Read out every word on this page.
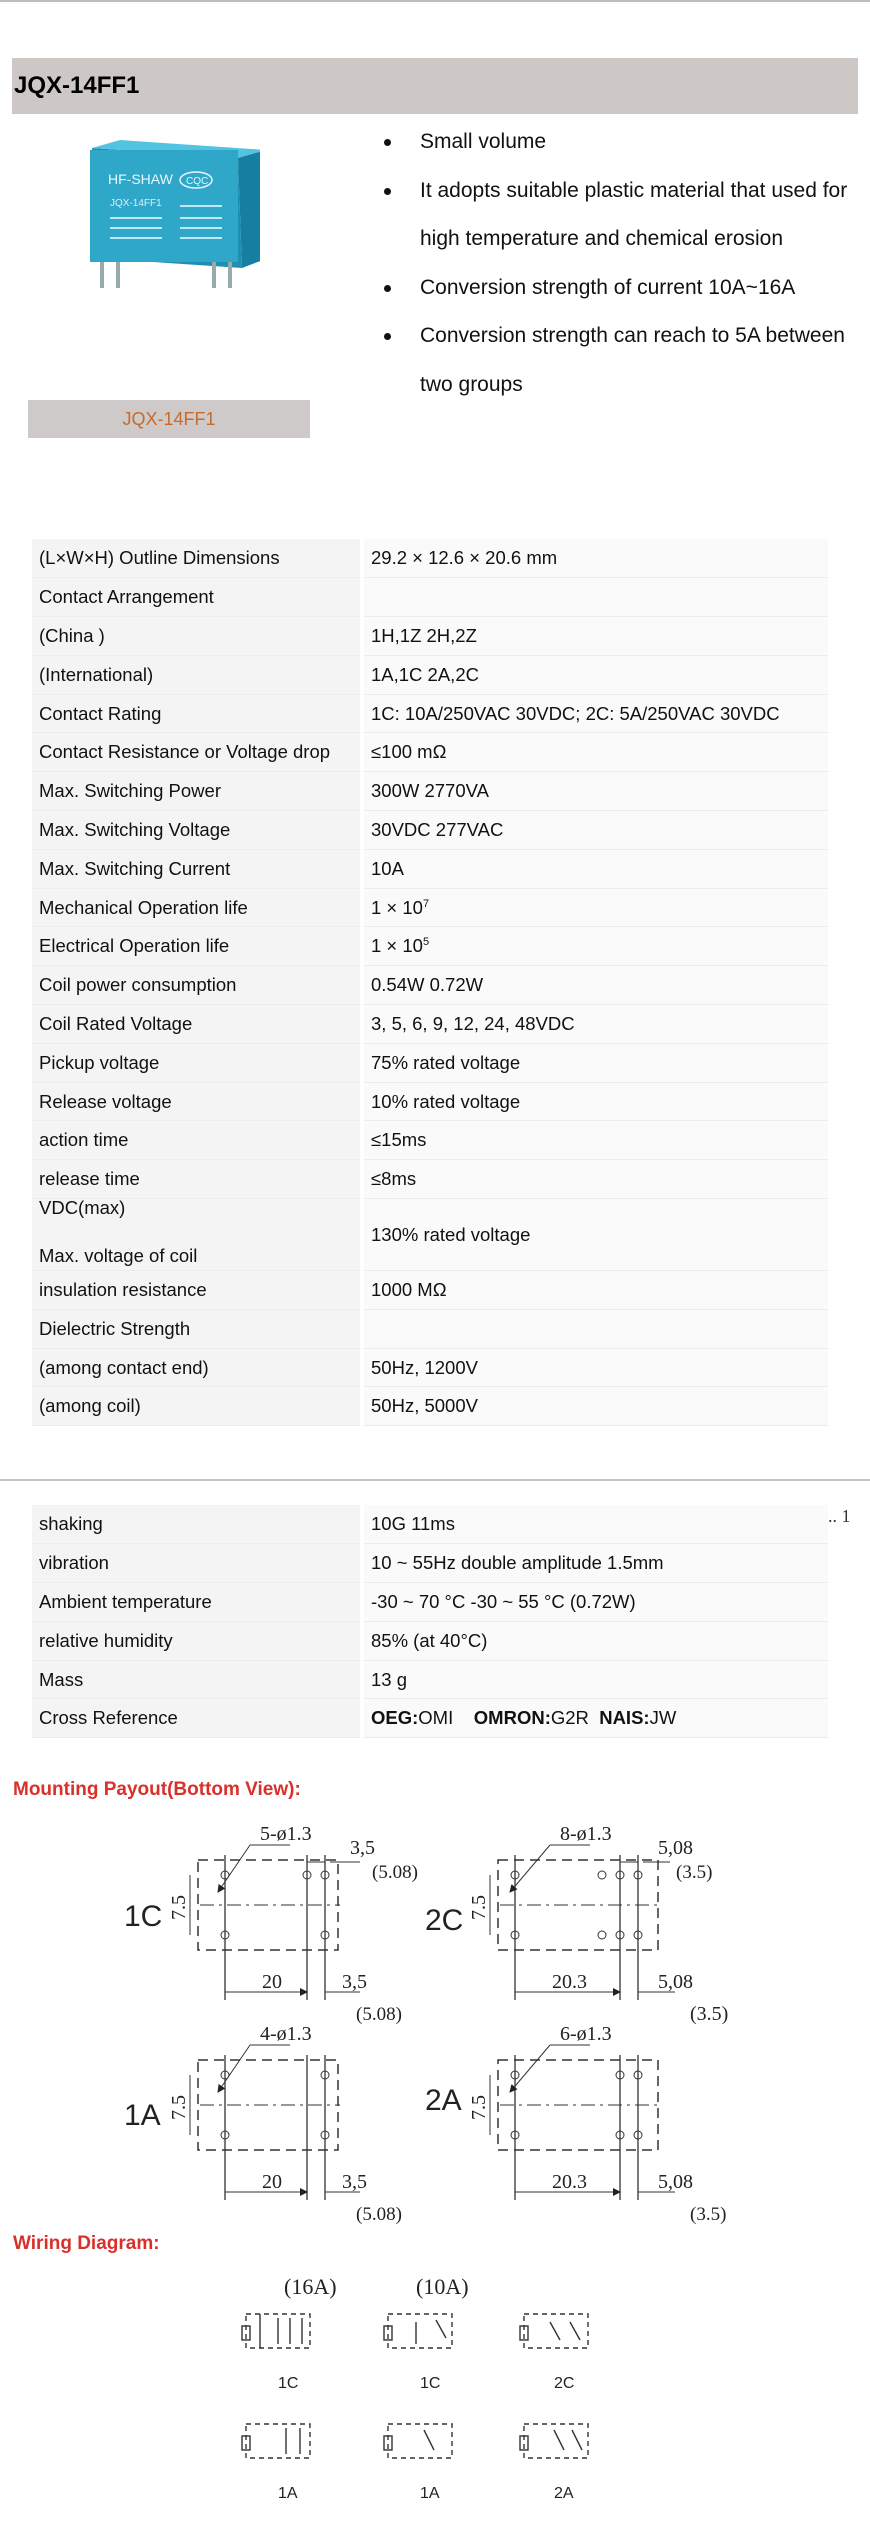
JQX-14FF1
HF-SHAW CQC
JQX-14FF1
JQX-14FF1
Small volume
It adopts suitable plastic material that used for high temperature and chemical erosion
Conversion strength of current 10A~16A
Conversion strength can reach to 5A between two groups
(L×W×H) Outline Dimensions	29.2 × 12.6 × 20.6 mm
Contact Arrangement	
(China )	1H,1Z 2H,2Z
(International)	1A,1C 2A,2C
Contact Rating	1C: 10A/250VAC 30VDC; 2C: 5A/250VAC 30VDC
Contact Resistance or Voltage drop	≤100 mΩ
Max. Switching Power	300W 2770VA
Max. Switching Voltage	30VDC 277VAC
Max. Switching Current	10A
Mechanical Operation life	$1 \times 10^7$
Electrical Operation life	$1 \times 10^5$
Coil power consumption	0.54W 0.72W
Coil Rated Voltage	3, 5, 6, 9, 12, 24, 48VDC
Pickup voltage	75% rated voltage
Release voltage	10% rated voltage
action time	≤15ms
release time	≤8ms

VDC(max)
Max. voltage of coil	130% rated voltage
insulation resistance	1000 MΩ
Dielectric Strength	
(among contact end)	50Hz, 1200V
(among coil)	50Hz, 5000V
.. 1
shaking	10G 11ms
vibration	10 ~ 55Hz double amplitude 1.5mm
Ambient temperature	-30 ~ 70 °C -30 ~ 55 °C (0.72W)
relative humidity	85% (at 40°C)
Mass	13 g
Cross Reference	OEG:OMI OMRON:G2R NAIS:JW
Mounting Payout(Bottom View):
1C
5-ø1.3
3,5
(5.08)
7.5
20	3,5
(5.08)
2C
8-ø1.3
5,08
(3.5)
7.5
20.3	5,08
(3.5)
1A
4-ø1.3
7.5
20	3,5
(5.08)
2A
6-ø1.3
7.5
20.3	5,08
(3.5)
Wiring Diagram:
(16A)	(10A)
1C	1C	2C
1A	1A	2A
